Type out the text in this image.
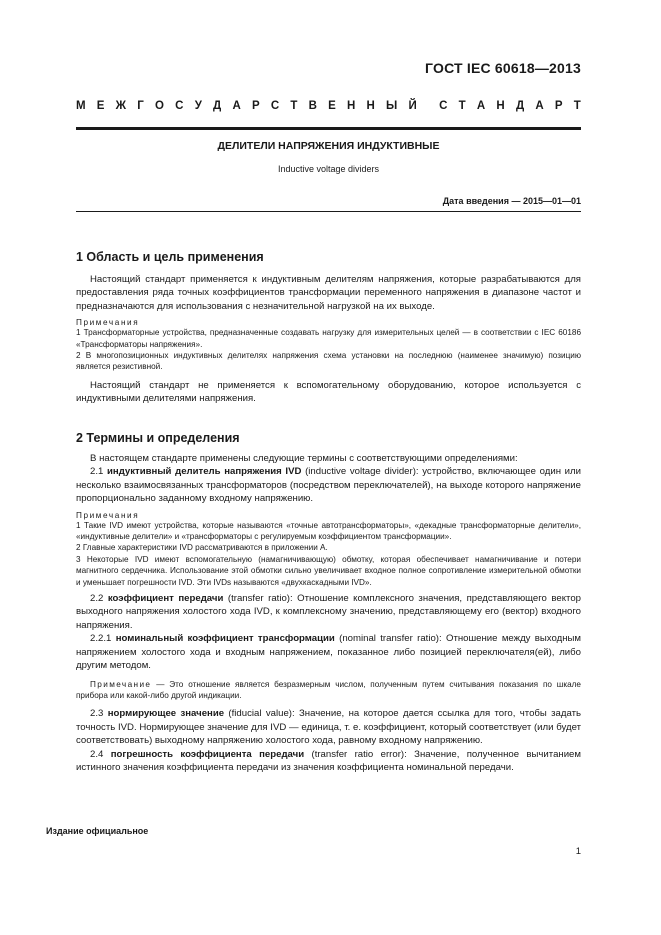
ГОСТ IEC 60618—2013
М Е Ж Г О С У Д А Р С Т В Е Н Н Ы Й С Т А Н Д А Р Т
ДЕЛИТЕЛИ НАПРЯЖЕНИЯ ИНДУКТИВНЫЕ
Inductive voltage dividers
Дата введения — 2015—01—01

1 Область и цель применения

Настоящий стандарт применяется к индуктивным делителям напряжения, которые разрабатываются для предоставления ряда точных коэффициентов трансформации переменного напряжения в диапазоне частот и предназначаются для использования с незначительной нагрузкой на их выходе.

Примечания

1 Трансформаторные устройства, предназначенные создавать нагрузку для измерительных целей — в соответствии с IEC 60186 «Трансформаторы напряжения».

2 В многопозиционных индуктивных делителях напряжения схема установки на последнюю (наименее значимую) позицию является резистивной.

Настоящий стандарт не применяется к вспомогательному оборудованию, которое используется с индуктивными делителями напряжения.

2 Термины и определения

В настоящем стандарте применены следующие термины с соответствующими определениями:

2.1 индуктивный делитель напряжения IVD (inductive voltage divider): устройство, включающее один или несколько взаимосвязанных трансформаторов (посредством переключателей), на выходе которого напряжение пропорционально заданному входному напряжению.

Примечания

1 Такие IVD имеют устройства, которые называются «точные автотрансформаторы», «декадные трансформаторные делители», «индуктивные делители» и «трансформаторы с регулируемым коэффициентом трансформации».

2 Главные характеристики IVD рассматриваются в приложении А.

3 Некоторые IVD имеют вспомогательную (намагничивающую) обмотку, которая обеспечивает намагничивание и потери магнитного сердечника. Использование этой обмотки сильно увеличивает входное полное сопротивление измерительной обмотки и уменьшает погрешности IVD. Эти IVDs называются «двухкаскадными IVD».

2.2 коэффициент передачи (transfer ratio): Отношение комплексного значения, представляющего вектор выходного напряжения холостого хода IVD, к комплексному значению, представляющему его (вектор) входного напряжения.

2.2.1 номинальный коэффициент трансформации (nominal transfer ratio): Отношение между выходным напряжением холостого хода и входным напряжением, показанное либо позицией переключателя(ей), либо другим методом.

Примечание — Это отношение является безразмерным числом, полученным путем считывания показания по шкале прибора или какой-либо другой индикации.

2.3 нормирующее значение (fiducial value): Значение, на которое дается ссылка для того, чтобы задать точность IVD. Нормирующее значение для IVD — единица, т. е. коэффициент, который соответствует (или будет соответствовать) выходному напряжению холостого хода, равному входному напряжению.

2.4 погрешность коэффициента передачи (transfer ratio error): Значение, полученное вычитанием истинного значения коэффициента передачи из значения коэффициента номинальной передачи.

Издание официальное
1
